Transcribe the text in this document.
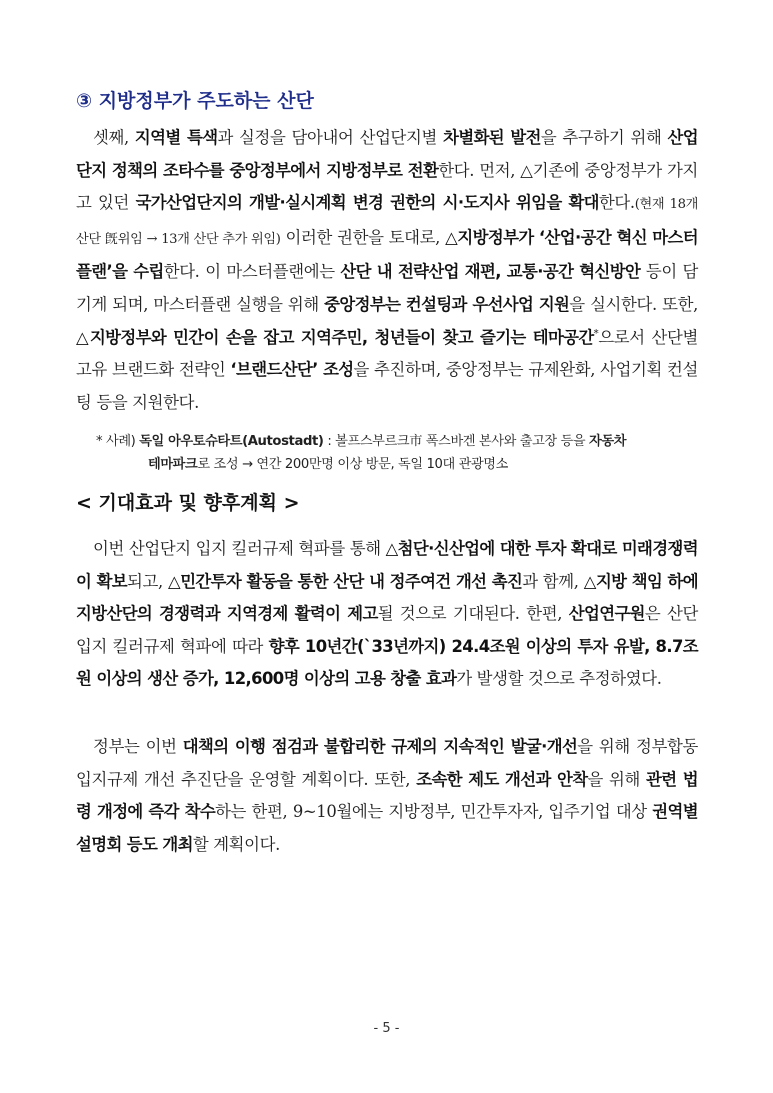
③ 지방정부가 주도하는 산단
셋째, 지역별 특색과 실정을 담아내어 산업단지별 차별화된 발전을 추구하기 위해 산업단지 정책의 조타수를 중앙정부에서 지방정부로 전환한다. 먼저, △기존에 중앙정부가 가지고 있던 국가산업단지의 개발·실시계획 변경 권한의 시·도지사 위임을 확대한다.(현재 18개 산단 旣위임 → 13개 산단 추가 위임) 이러한 권한을 토대로, △지방정부가 ‘산업·공간 혁신 마스터플랜’을 수립한다. 이 마스터플랜에는 산단 내 전략산업 재편, 교통·공간 혁신방안 등이 담기게 되며, 마스터플랜 실행을 위해 중앙정부는 컨설팅과 우선사업 지원을 실시한다. 또한, △지방정부와 민간이 손을 잡고 지역주민, 청년들이 찾고 즐기는 테마공간*으로서 산단별 고유 브랜드화 전략인 ‘브랜드산단’ 조성을 추진하며, 중앙정부는 규제완화, 사업기획 컨설팅 등을 지원한다.
* 사례) 독일 아우토슈타트(Autostadt) : 볼프스부르크市 폭스바겐 본사와 출고장 등을 자동차
테마파크로 조성 → 연간 200만명 이상 방문, 독일 10대 관광명소
< 기대효과 및 향후계획 >
이번 산업단지 입지 킬러규제 혁파를 통해 △첨단·신산업에 대한 투자 확대로 미래경쟁력이 확보되고, △민간투자 활동을 통한 산단 내 정주여건 개선 촉진과 함께, △지방 책임 하에 지방산단의 경쟁력과 지역경제 활력이 제고될 것으로 기대된다. 한편, 산업연구원은 산단 입지 킬러규제 혁파에 따라 향후 10년간(`33년까지) 24.4조원 이상의 투자 유발, 8.7조원 이상의 생산 증가, 12,600명 이상의 고용 창출 효과가 발생할 것으로 추정하였다.
정부는 이번 대책의 이행 점검과 불합리한 규제의 지속적인 발굴·개선을 위해 정부합동 입지규제 개선 추진단을 운영할 계획이다. 또한, 조속한 제도 개선과 안착을 위해 관련 법령 개정에 즉각 착수하는 한편, 9~10월에는 지방정부, 민간투자자, 입주기업 대상 권역별 설명회 등도 개최할 계획이다.
- 5 -
